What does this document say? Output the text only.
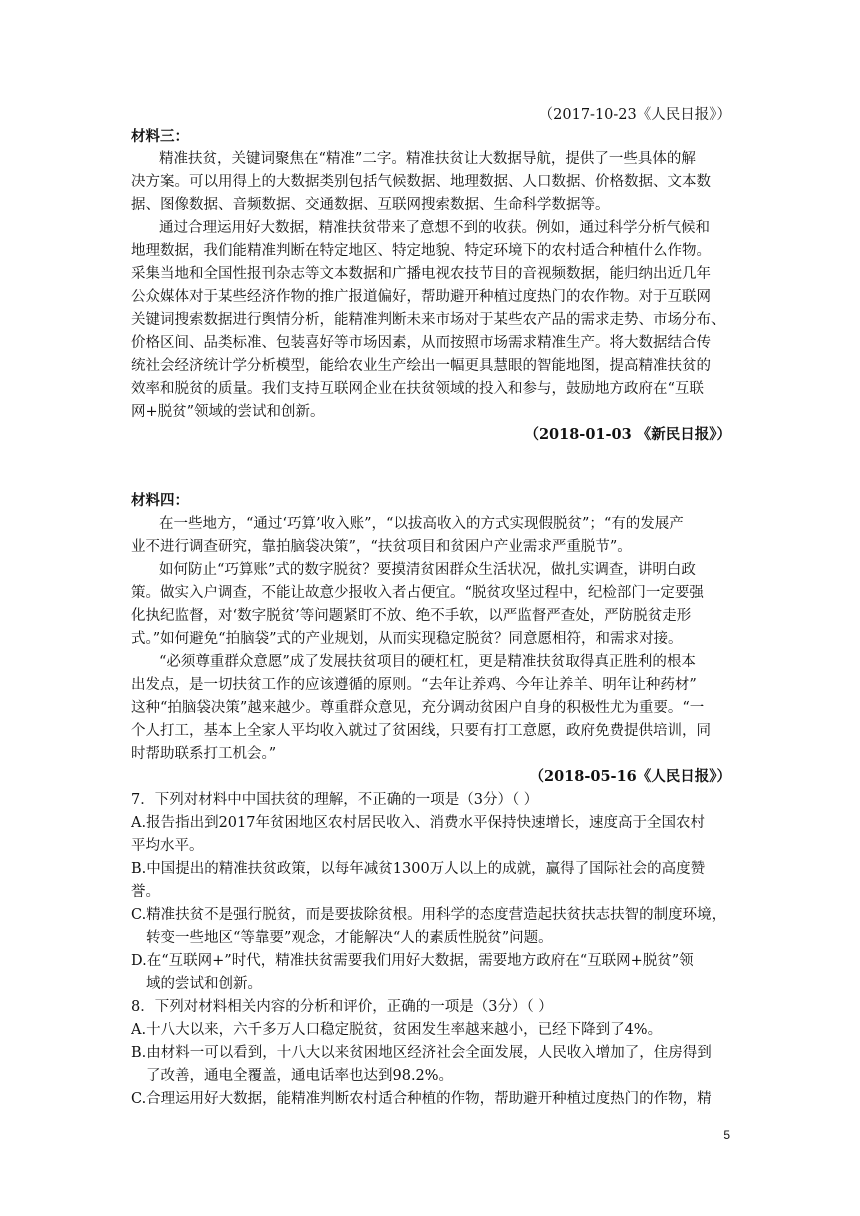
（2017-10-23《人民日报》）
材料三：
精准扶贫，关键词聚焦在“精准”二字。精准扶贫让大数据导航，提供了一些具体的解
决方案。可以用得上的大数据类别包括气候数据、地理数据、人口数据、价格数据、文本数
据、图像数据、音频数据、交通数据、互联网搜索数据、生命科学数据等。
通过合理运用好大数据，精准扶贫带来了意想不到的收获。例如，通过科学分析气候和
地理数据，我们能精准判断在特定地区、特定地貌、特定环境下的农村适合种植什么作物。
采集当地和全国性报刊杂志等文本数据和广播电视农技节目的音视频数据，能归纳出近几年
公众媒体对于某些经济作物的推广报道偏好，帮助避开种植过度热门的农作物。对于互联网
关键词搜索数据进行舆情分析，能精准判断未来市场对于某些农产品的需求走势、市场分布、
价格区间、品类标准、包装喜好等市场因素，从而按照市场需求精准生产。将大数据结合传
统社会经济统计学分析模型，能给农业生产绘出一幅更具慧眼的智能地图，提高精准扶贫的
效率和脱贫的质量。我们支持互联网企业在扶贫领域的投入和参与，鼓励地方政府在“互联
网+脱贫”领域的尝试和创新。
（2018-01-03 《新民日报》）
材料四：
在一些地方，“通过‘巧算’收入账”，“以拔高收入的方式实现假脱贫”；“有的发展产
业不进行调查研究，靠拍脑袋决策”，“扶贫项目和贫困户产业需求严重脱节”。
如何防止“巧算账”式的数字脱贫？要摸清贫困群众生活状况，做扎实调查，讲明白政
策。做实入户调查，不能让故意少报收入者占便宜。“脱贫攻坚过程中，纪检部门一定要强
化执纪监督，对‘数字脱贫’等问题紧盯不放、绝不手软，以严监督严查处，严防脱贫走形
式。”如何避免“拍脑袋”式的产业规划，从而实现稳定脱贫？同意愿相符，和需求对接。
“必须尊重群众意愿”成了发展扶贫项目的硬杠杠，更是精准扶贫取得真正胜利的根本
出发点，是一切扶贫工作的应该遵循的原则。“去年让养鸡、今年让养羊、明年让种药材”
这种“拍脑袋决策”越来越少。尊重群众意见，充分调动贫困户自身的积极性尤为重要。“一
个人打工，基本上全家人平均收入就过了贫困线，只要有打工意愿，政府免费提供培训，同
时帮助联系打工机会。”
（2018-05-16《人民日报》）
7．下列对材料中中国扶贫的理解，不正确的一项是（3分）（ ）
A.报告指出到2017年贫困地区农村居民收入、消费水平保持快速增长，速度高于全国农村
平均水平。
B.中国提出的精准扶贫政策，以每年减贫1300万人以上的成就，赢得了国际社会的高度赞
誉。
C.精准扶贫不是强行脱贫，而是要拔除贫根。用科学的态度营造起扶贫扶志扶智的制度环境，
转变一些地区“等靠要”观念，才能解决“人的素质性脱贫”问题。
D.在“互联网+”时代，精准扶贫需要我们用好大数据，需要地方政府在“互联网+脱贫”领
域的尝试和创新。
8．下列对材料相关内容的分析和评价，正确的一项是（3分）（ ）
A.十八大以来，六千多万人口稳定脱贫，贫困发生率越来越小，已经下降到了4%。
B.由材料一可以看到，十八大以来贫困地区经济社会全面发展，人民收入增加了，住房得到
了改善，通电全覆盖，通电话率也达到98.2%。
C.合理运用好大数据，能精准判断农村适合种植的作物，帮助避开种植过度热门的作物，精
5
